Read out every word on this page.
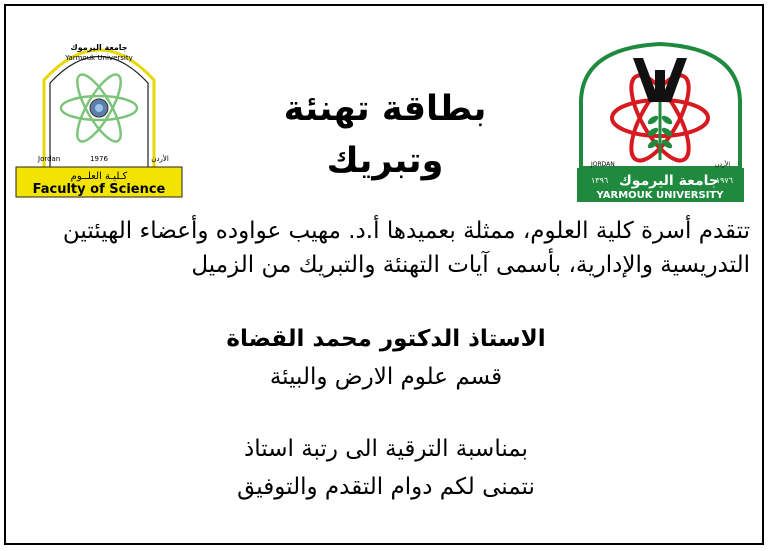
جامعة اليرموك
Yarmouk University
Jordan	1976	الأردن
كـليـة العلــوم
Faculty of Science
JORDAN	الأردن
١٣٩٦ جامعة اليرموك
١٩٧٦
YARMOUK UNIVERSITY
بطاقة تهنئة
وتبريك
تتقدم أسرة كلية العلوم، ممثلة بعميدها أ.د. مهيب عواوده وأعضاء الهيئتين
التدريسية والإدارية، بأسمى آيات التهنئة والتبريك من الزميل
الاستاذ الدكتور محمد القضاة
قسم علوم الارض والبيئة
بمناسبة الترقية الى رتبة استاذ
نتمنى لكم دوام التقدم والتوفيق
